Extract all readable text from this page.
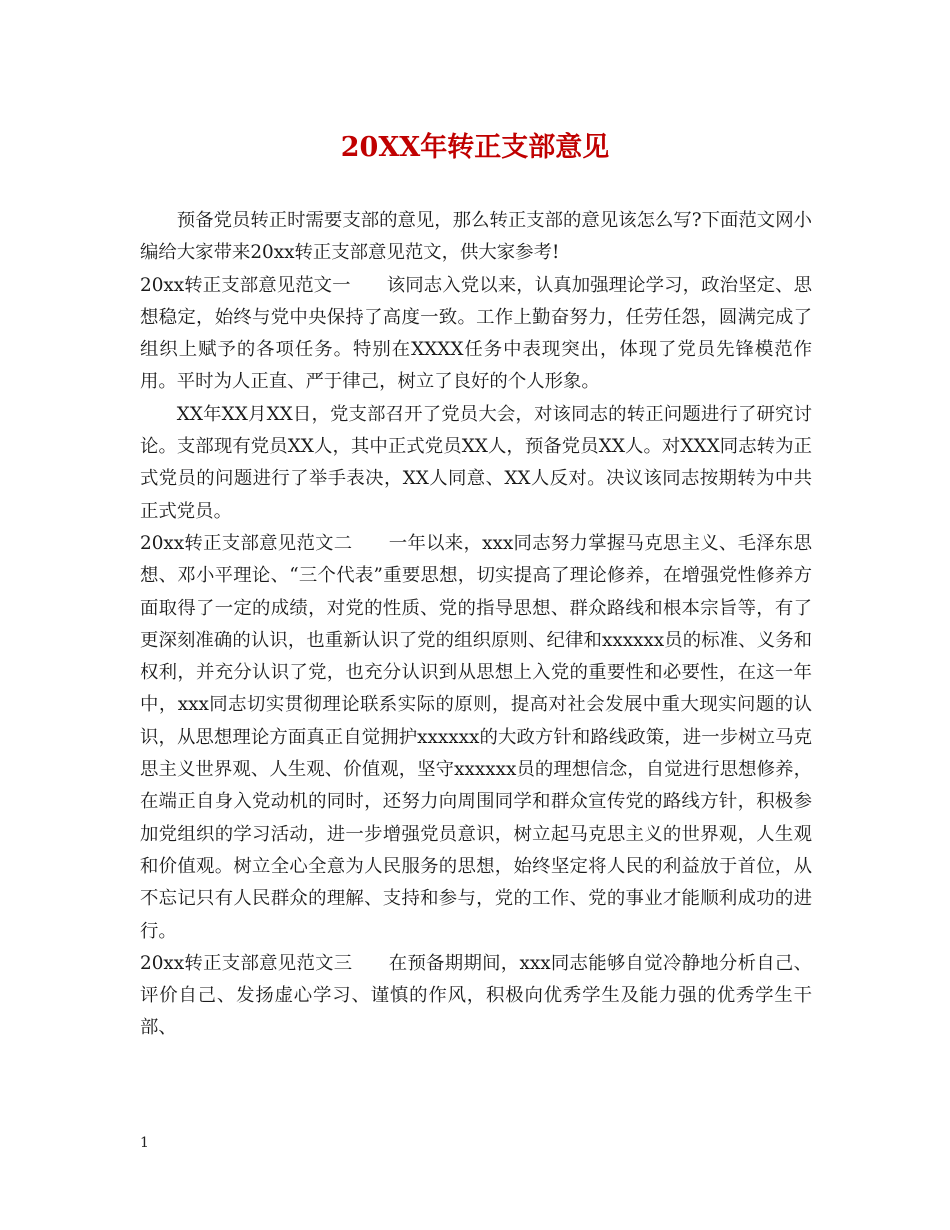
20XX年转正支部意见

预备党员转正时需要支部的意见，那么转正支部的意见该怎么写?下面范文网小编给大家带来20xx转正支部意见范文，供大家参考!

20xx转正支部意见范文一 该同志入党以来，认真加强理论学习，政治坚定、思想稳定，始终与党中央保持了高度一致。工作上勤奋努力，任劳任怨，圆满完成了组织上赋予的各项任务。特别在XXXX任务中表现突出，体现了党员先锋模范作用。平时为人正直、严于律己，树立了良好的个人形象。

XX年XX月XX日，党支部召开了党员大会，对该同志的转正问题进行了研究讨论。支部现有党员XX人，其中正式党员XX人，预备党员XX人。对XXX同志转为正式党员的问题进行了举手表决，XX人同意、XX人反对。决议该同志按期转为中共正式党员。

20xx转正支部意见范文二 一年以来，xxx同志努力掌握马克思主义、毛泽东思想、邓小平理论、“三个代表”重要思想，切实提高了理论修养，在增强党性修养方面取得了一定的成绩，对党的性质、党的指导思想、群众路线和根本宗旨等，有了更深刻准确的认识，也重新认识了党的组织原则、纪律和xxxxxx员的标准、义务和权利，并充分认识了党，也充分认识到从思想上入党的重要性和必要性，在这一年中，xxx同志切实贯彻理论联系实际的原则，提高对社会发展中重大现实问题的认识，从思想理论方面真正自觉拥护xxxxxx的大政方针和路线政策，进一步树立马克思主义世界观、人生观、价值观，坚守xxxxxx员的理想信念，自觉进行思想修养，在端正自身入党动机的同时，还努力向周围同学和群众宣传党的路线方针，积极参加党组织的学习活动，进一步增强党员意识，树立起马克思主义的世界观，人生观和价值观。树立全心全意为人民服务的思想，始终坚定将人民的利益放于首位，从不忘记只有人民群众的理解、支持和参与，党的工作、党的事业才能顺利成功的进行。

20xx转正支部意见范文三 在预备期期间，xxx同志能够自觉冷静地分析自己、评价自己、发扬虚心学习、谨慎的作风，积极向优秀学生及能力强的优秀学生干部、

1
